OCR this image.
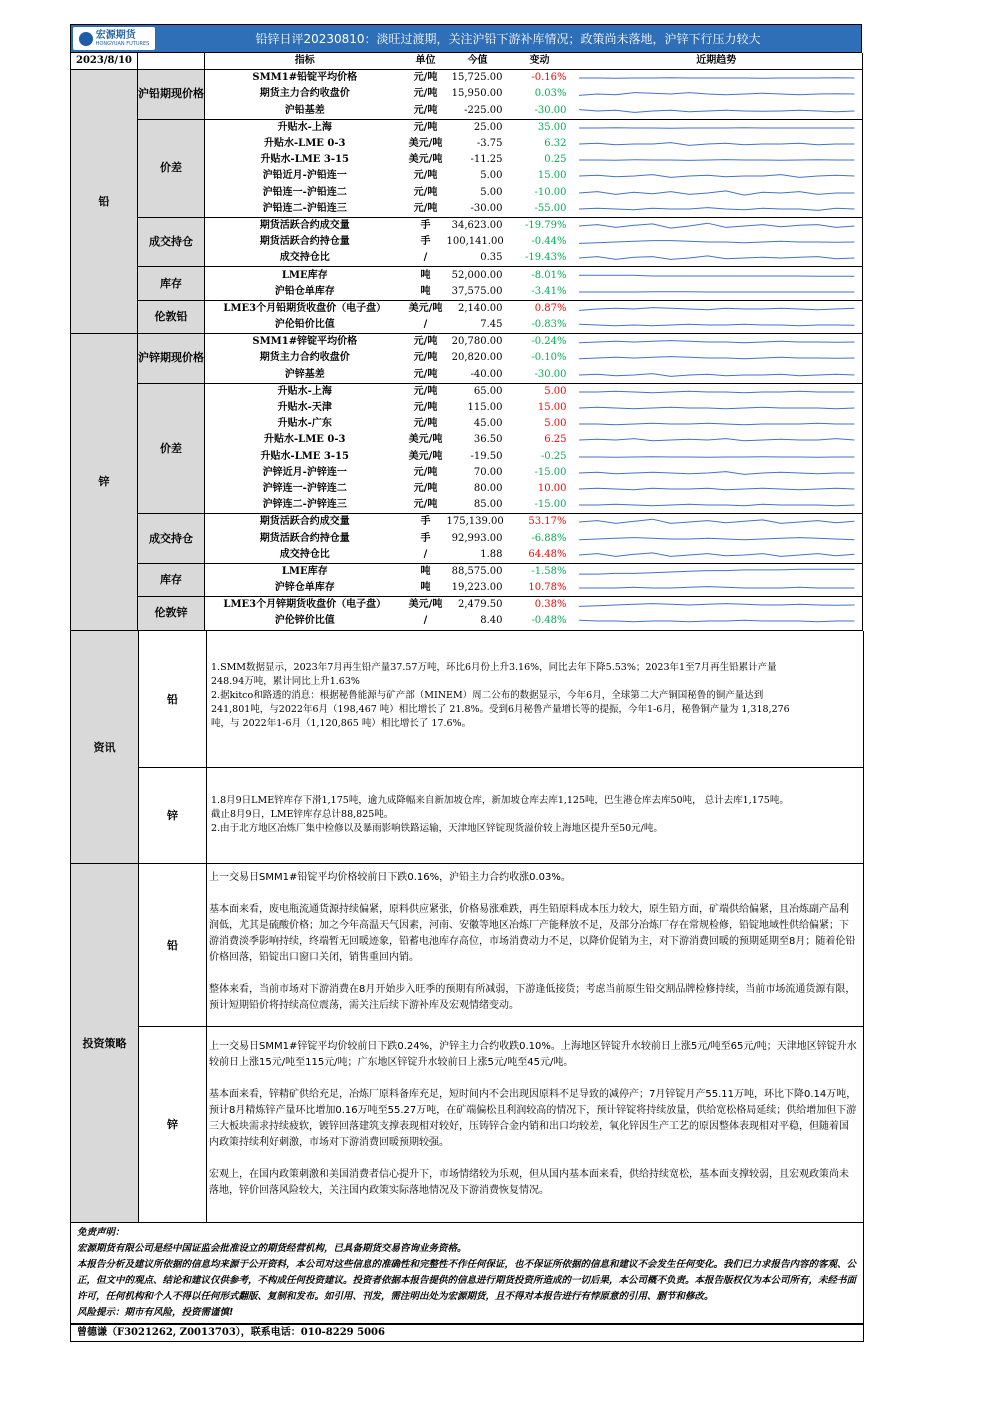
宏源期货
HONGYUAN FUTURES	铅锌日评20230810：淡旺过渡期，关注沪铅下游补库情况；政策尚未落地，沪锌下行压力较大
2023/8/10		指标	单位	今值	变动	近期趋势
铅	沪铅期现价格	SMM1#铅锭平均价格	元/吨	15,725.00	-0.16%	

		期货主力合约收盘价	元/吨	15,950.00	0.03%	

		沪铅基差	元/吨	-225.00	-30.00	

	价差	升贴水-上海	元/吨	25.00	35.00	

		升贴水-LME 0-3	美元/吨	-3.75	6.32	

		升贴水-LME 3-15	美元/吨	-11.25	0.25	

		沪铅近月-沪铅连一	元/吨	5.00	15.00	

		沪铅连一-沪铅连二	元/吨	5.00	-10.00	

		沪铅连二-沪铅连三	元/吨	-30.00	-55.00	

	成交持仓	期货活跃合约成交量	手	34,623.00	-19.79%	

		期货活跃合约持仓量	手	100,141.00	-0.44%	

		成交持仓比	/	0.35	-19.43%	

	库存	LME库存	吨	52,000.00	-8.01%	

		沪铅仓单库存	吨	37,575.00	-3.41%	

	伦敦铅	LME3个月铅期货收盘价（电子盘）	美元/吨	2,140.00	0.87%	

		沪伦铅价比值	/	7.45	-0.83%	

锌	沪锌期现价格	SMM1#锌锭平均价格	元/吨	20,780.00	-0.24%	

		期货主力合约收盘价	元/吨	20,820.00	-0.10%	

		沪锌基差	元/吨	-40.00	-30.00	

	价差	升贴水-上海	元/吨	65.00	5.00	

		升贴水-天津	元/吨	115.00	15.00	

		升贴水-广东	元/吨	45.00	5.00	

		升贴水-LME 0-3	美元/吨	36.50	6.25	

		升贴水-LME 3-15	美元/吨	-19.50	-0.25	

		沪锌近月-沪锌连一	元/吨	70.00	-15.00	

		沪锌连一-沪锌连二	元/吨	80.00	10.00	

		沪锌连二-沪锌连三	元/吨	85.00	-15.00	

	成交持仓	期货活跃合约成交量	手	175,139.00	53.17%	

		期货活跃合约持仓量	手	92,993.00	-6.88%	

		成交持仓比	/	1.88	64.48%	

	库存	LME库存	吨	88,575.00	-1.58%	

		沪锌仓单库存	吨	19,223.00	10.78%	

	伦敦锌	LME3个月锌期货收盘价（电子盘）	美元/吨	2,479.50	0.38%	

		沪伦锌价比值	/	8.40	-0.48%	
资讯
铅
1.SMM数据显示，2023年7月再生铅产量37.57万吨，环比6月份上升3.16%，同比去年下降5.53%；2023年1至7月再生铅累计产量
248.94万吨，累计同比上升1.63%
2.据kitco和路透的消息：根据秘鲁能源与矿产部（MINEM）周二公布的数据显示，今年6月，全球第二大产铜国秘鲁的铜产量达到
241,801吨，与2022年6月（198,467 吨）相比增长了 21.8%。受到6月秘鲁产量增长等的提振，今年1-6月，秘鲁铜产量为 1,318,276
吨，与 2022年1-6月（1,120,865 吨）相比增长了 17.6%。
锌
1.8月9日LME锌库存下滑1,175吨，逾九成降幅来自新加坡仓库，新加坡仓库去库1,125吨，巴生港仓库去库50吨， 总计去库1,175吨。
截止8月9日，LME锌库存总计88,825吨。
2.由于北方地区冶炼厂集中检修以及暴雨影响铁路运输，天津地区锌锭现货溢价较上海地区提升至50元/吨。
投资策略
铅

上一交易日SMM1#铅锭平均价格较前日下跌0.16%，沪铅主力合约收涨0.03%。

基本面来看，废电瓶流通货源持续偏紧，原料供应紧张，价格易涨难跌，再生铅原料成本压力较大，原生铅方面，矿端供给偏紧，且冶炼副产品利润低，尤其是硫酸价格；加之今年高温天气因素，河南、安徽等地区冶炼厂产能释放不足，及部分冶炼厂存在常规检修，铅锭地域性供给偏紧；下游消费淡季影响持续，终端暂无回暖迹象，铅蓄电池库存高位，市场消费动力不足，以降价促销为主，对下游消费回暖的预期延期至8月；随着伦铅价格回落，铅锭出口窗口关闭，销售重回内销。

整体来看，当前市场对下游消费在8月开始步入旺季的预期有所减弱，下游逢低接货；考虑当前原生铅交割品牌检修持续，当前市场流通货源有限，预计短期铅价将持续高位震荡，需关注后续下游补库及宏观情绪变动。

锌

上一交易日SMM1#锌锭平均价较前日下跌0.24%，沪锌主力合约收跌0.10%。上海地区锌锭升水较前日上涨5元/吨至65元/吨；天津地区锌锭升水较前日上涨15元/吨至115元/吨；广东地区锌锭升水较前日上涨5元/吨至45元/吨。

基本面来看，锌精矿供给充足，冶炼厂原料备库充足，短时间内不会出现因原料不足导致的减停产；7月锌锭月产55.11万吨，环比下降0.14万吨，预计8月精炼锌产量环比增加0.16万吨至55.27万吨，在矿端偏松且利润较高的情况下，预计锌锭将持续放量，供给宽松格局延续；供给增加但下游三大板块需求持续疲软，镀锌回落建筑支撑表现相对较好，压铸锌合金内销和出口均较差，氧化锌因生产工艺的原因整体表现相对平稳，但随着国内政策持续利好刺激，市场对下游消费回暖预期较强。

宏观上，在国内政策刺激和美国消费者信心提升下，市场情绪较为乐观，但从国内基本面来看，供给持续宽松，基本面支撑较弱，且宏观政策尚未落地，锌价回落风险较大，关注国内政策实际落地情况及下游消费恢复情况。

免责声明：
宏源期货有限公司是经中国证监会批准设立的期货经营机构，已具备期货交易咨询业务资格。
本报告分析及建议所依据的信息均来源于公开资料，本公司对这些信息的准确性和完整性不作任何保证，也不保证所依据的信息和建议不会发生任何变化。我们已力求报告内容的客观、公正，但文中的观点、结论和建议仅供参考，不构成任何投资建议。投资者依据本报告提供的信息进行期货投资所造成的一切后果，本公司概不负责。本报告版权仅为本公司所有，未经书面许可，任何机构和个人不得以任何形式翻版、复制和发布。如引用、刊发，需注明出处为宏源期货，且不得对本报告进行有悖原意的引用、删节和修改。
风险提示：期市有风险，投资需谨慎!
曾德谦（F3021262, Z0013703），联系电话：010-8229 5006
